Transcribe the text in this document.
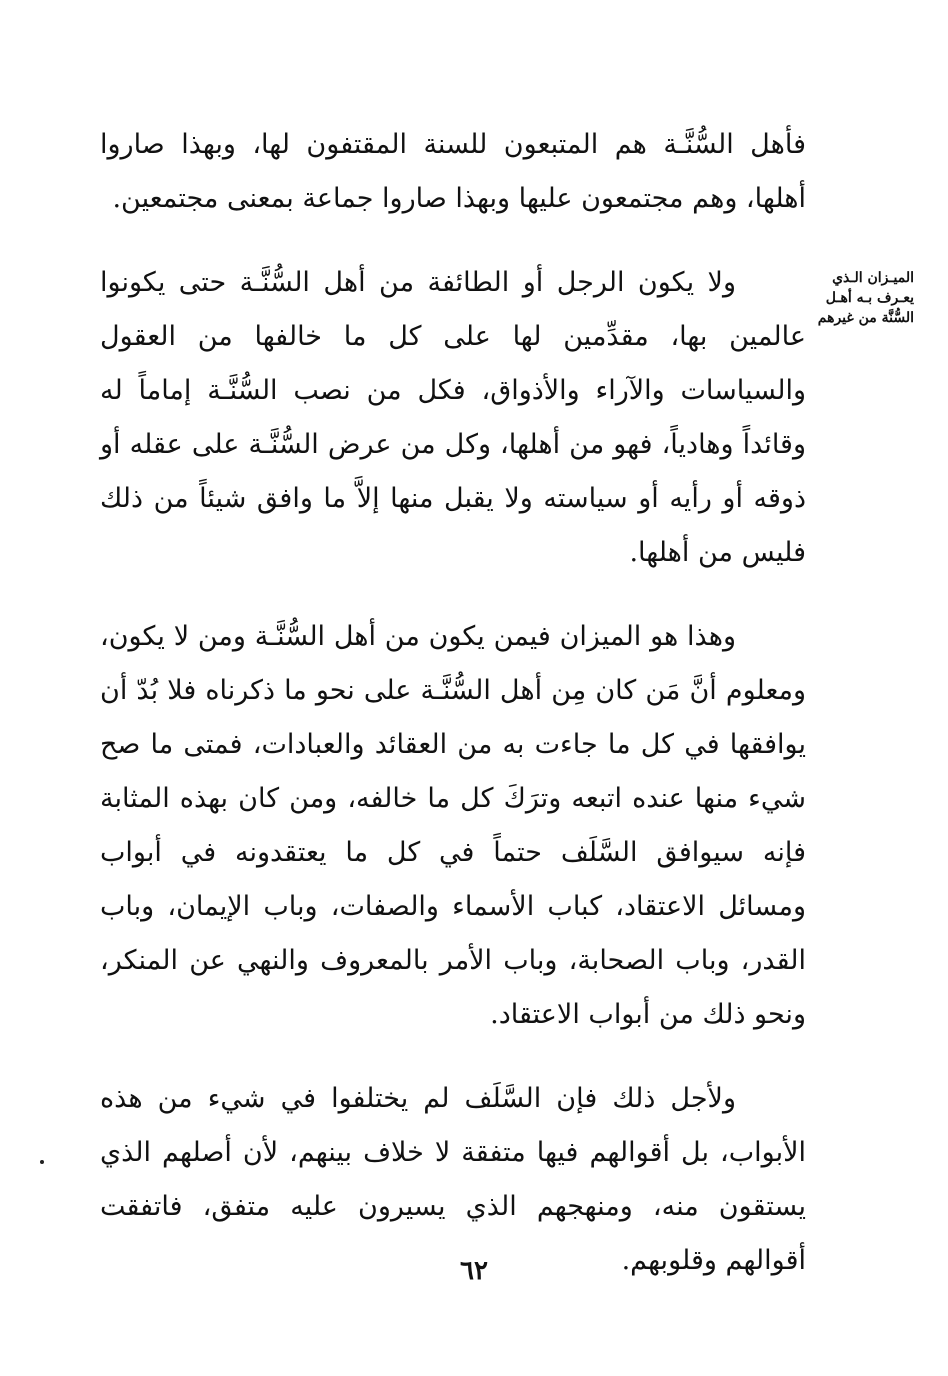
الميـزان الـذي
يعـرف بـه أهـل
السُّنَّة من غيرهم

فأهل السُّنَّـة هم المتبعون للسنة المقتفون لها، وبهذا صاروا أهلها، وهم مجتمعون عليها وبهذا صاروا جماعة بمعنى مجتمعين.

ولا يكون الرجل أو الطائفة من أهل السُّنَّـة حتى يكونوا عالمين بها، مقدِّمين لها على كل ما خالفها من العقول والسياسات والآراء والأذواق، فكل من نصب السُّنَّـة إماماً له وقائداً وهادياً، فهو من أهلها، وكل من عرض السُّنَّـة على عقله أو ذوقه أو رأيه أو سياسته ولا يقبل منها إلاَّ ما وافق شيئاً من ذلك فليس من أهلها.

وهذا هو الميزان فيمن يكون من أهل السُّنَّـة ومن لا يكون، ومعلوم أنَّ مَن كان مِن أهل السُّنَّـة على نحو ما ذكرناه فلا بُدّ أن يوافقها في كل ما جاءت به من العقائد والعبادات، فمتى ما صح شيء منها عنده اتبعه وترَكَ كل ما خالفه، ومن كان بهذه المثابة فإنه سيوافق السَّلَف حتماً في كل ما يعتقدونه في أبواب ومسائل الاعتقاد، كباب الأسماء والصفات، وباب الإيمان، وباب القدر، وباب الصحابة، وباب الأمر بالمعروف والنهي عن المنكر، ونحو ذلك من أبواب الاعتقاد.

ولأجل ذلك فإن السَّلَف لم يختلفوا في شيء من هذه الأبواب، بل أقوالهم فيها متفقة لا خلاف بينهم، لأن أصلهم الذي يستقون منه، ومنهجهم الذي يسيرون عليه متفق، فاتفقت أقوالهم وقلوبهم.

٦٢
